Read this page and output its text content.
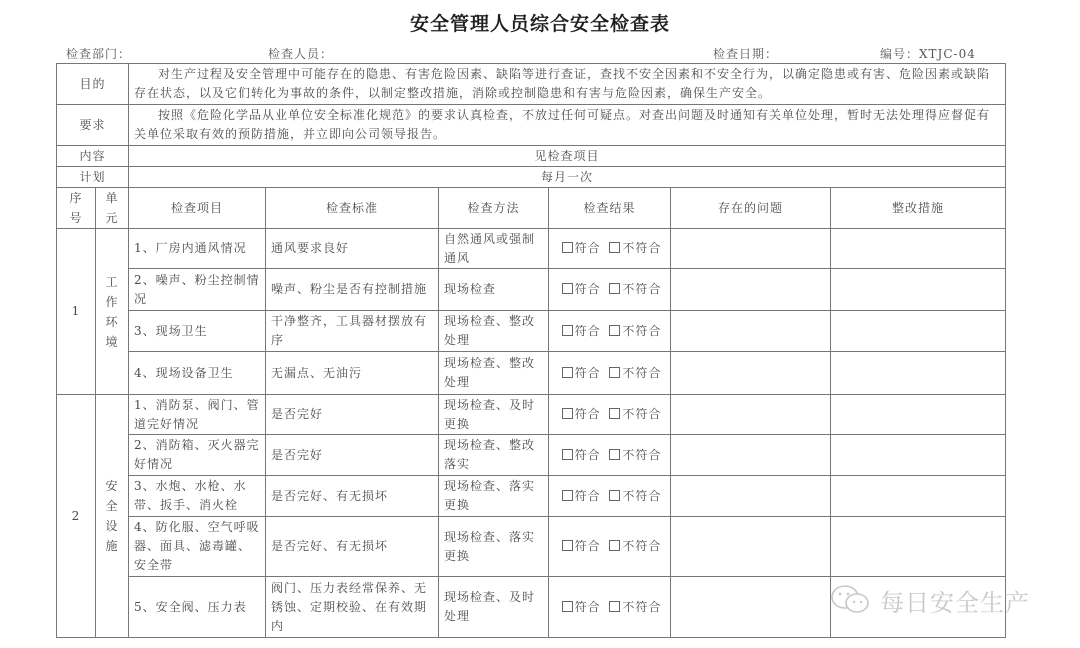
安全管理人员综合安全检查表
检查部门：	检查人员：	检查日期：	编号：XTJC-04
目的		对生产过程及安全管理中可能存在的隐患、有害危险因素、缺陷等进行查证，查找不安全因素和不安全行为，以确定隐患或有害、危险因素或缺陷存在状态，以及它们转化为事故的条件，以制定整改措施，消除或控制隐患和有害与危险因素，确保生产安全。					
要求		按照《危险化学品从业单位安全标准化规范》的要求认真检查，不放过任何可疑点。对查出问题及时通知有关单位处理，暂时无法处理得应督促有关单位采取有效的预防措施，并立即向公司领导报告。					
内容		见检查项目					
计划		每月一次					
序号	单元	检查项目	检查标准	检查方法	检查结果	存在的问题	整改措施
1	工作环境	1、厂房内通风情况	通风要求良好	自然通风或强制通风	符合 不符合		
		2、噪声、粉尘控制情况	噪声、粉尘是否有控制措施	现场检查	符合 不符合		
		3、现场卫生	干净整齐，工具器材摆放有序	现场检查、整改处理	符合 不符合		
		4、现场设备卫生	无漏点、无油污	现场检查、整改处理	符合 不符合		
2	安全设施	1、消防泵、阀门、管道完好情况	是否完好	现场检查、及时更换	符合 不符合		
		2、消防箱、灭火器完好情况	是否完好	现场检查、整改落实	符合 不符合		
		3、水炮、水枪、水带、扳手、消火栓	是否完好、有无损坏	现场检查、落实更换	符合 不符合		
		4、防化服、空气呼吸器、面具、滤毒罐、安全带	是否完好、有无损坏	现场检查、落实更换	符合 不符合		
		5、安全阀、压力表	阀门、压力表经常保养、无锈蚀、定期校验、在有效期内	现场检查、及时处理	符合 不符合			每日安全生产
